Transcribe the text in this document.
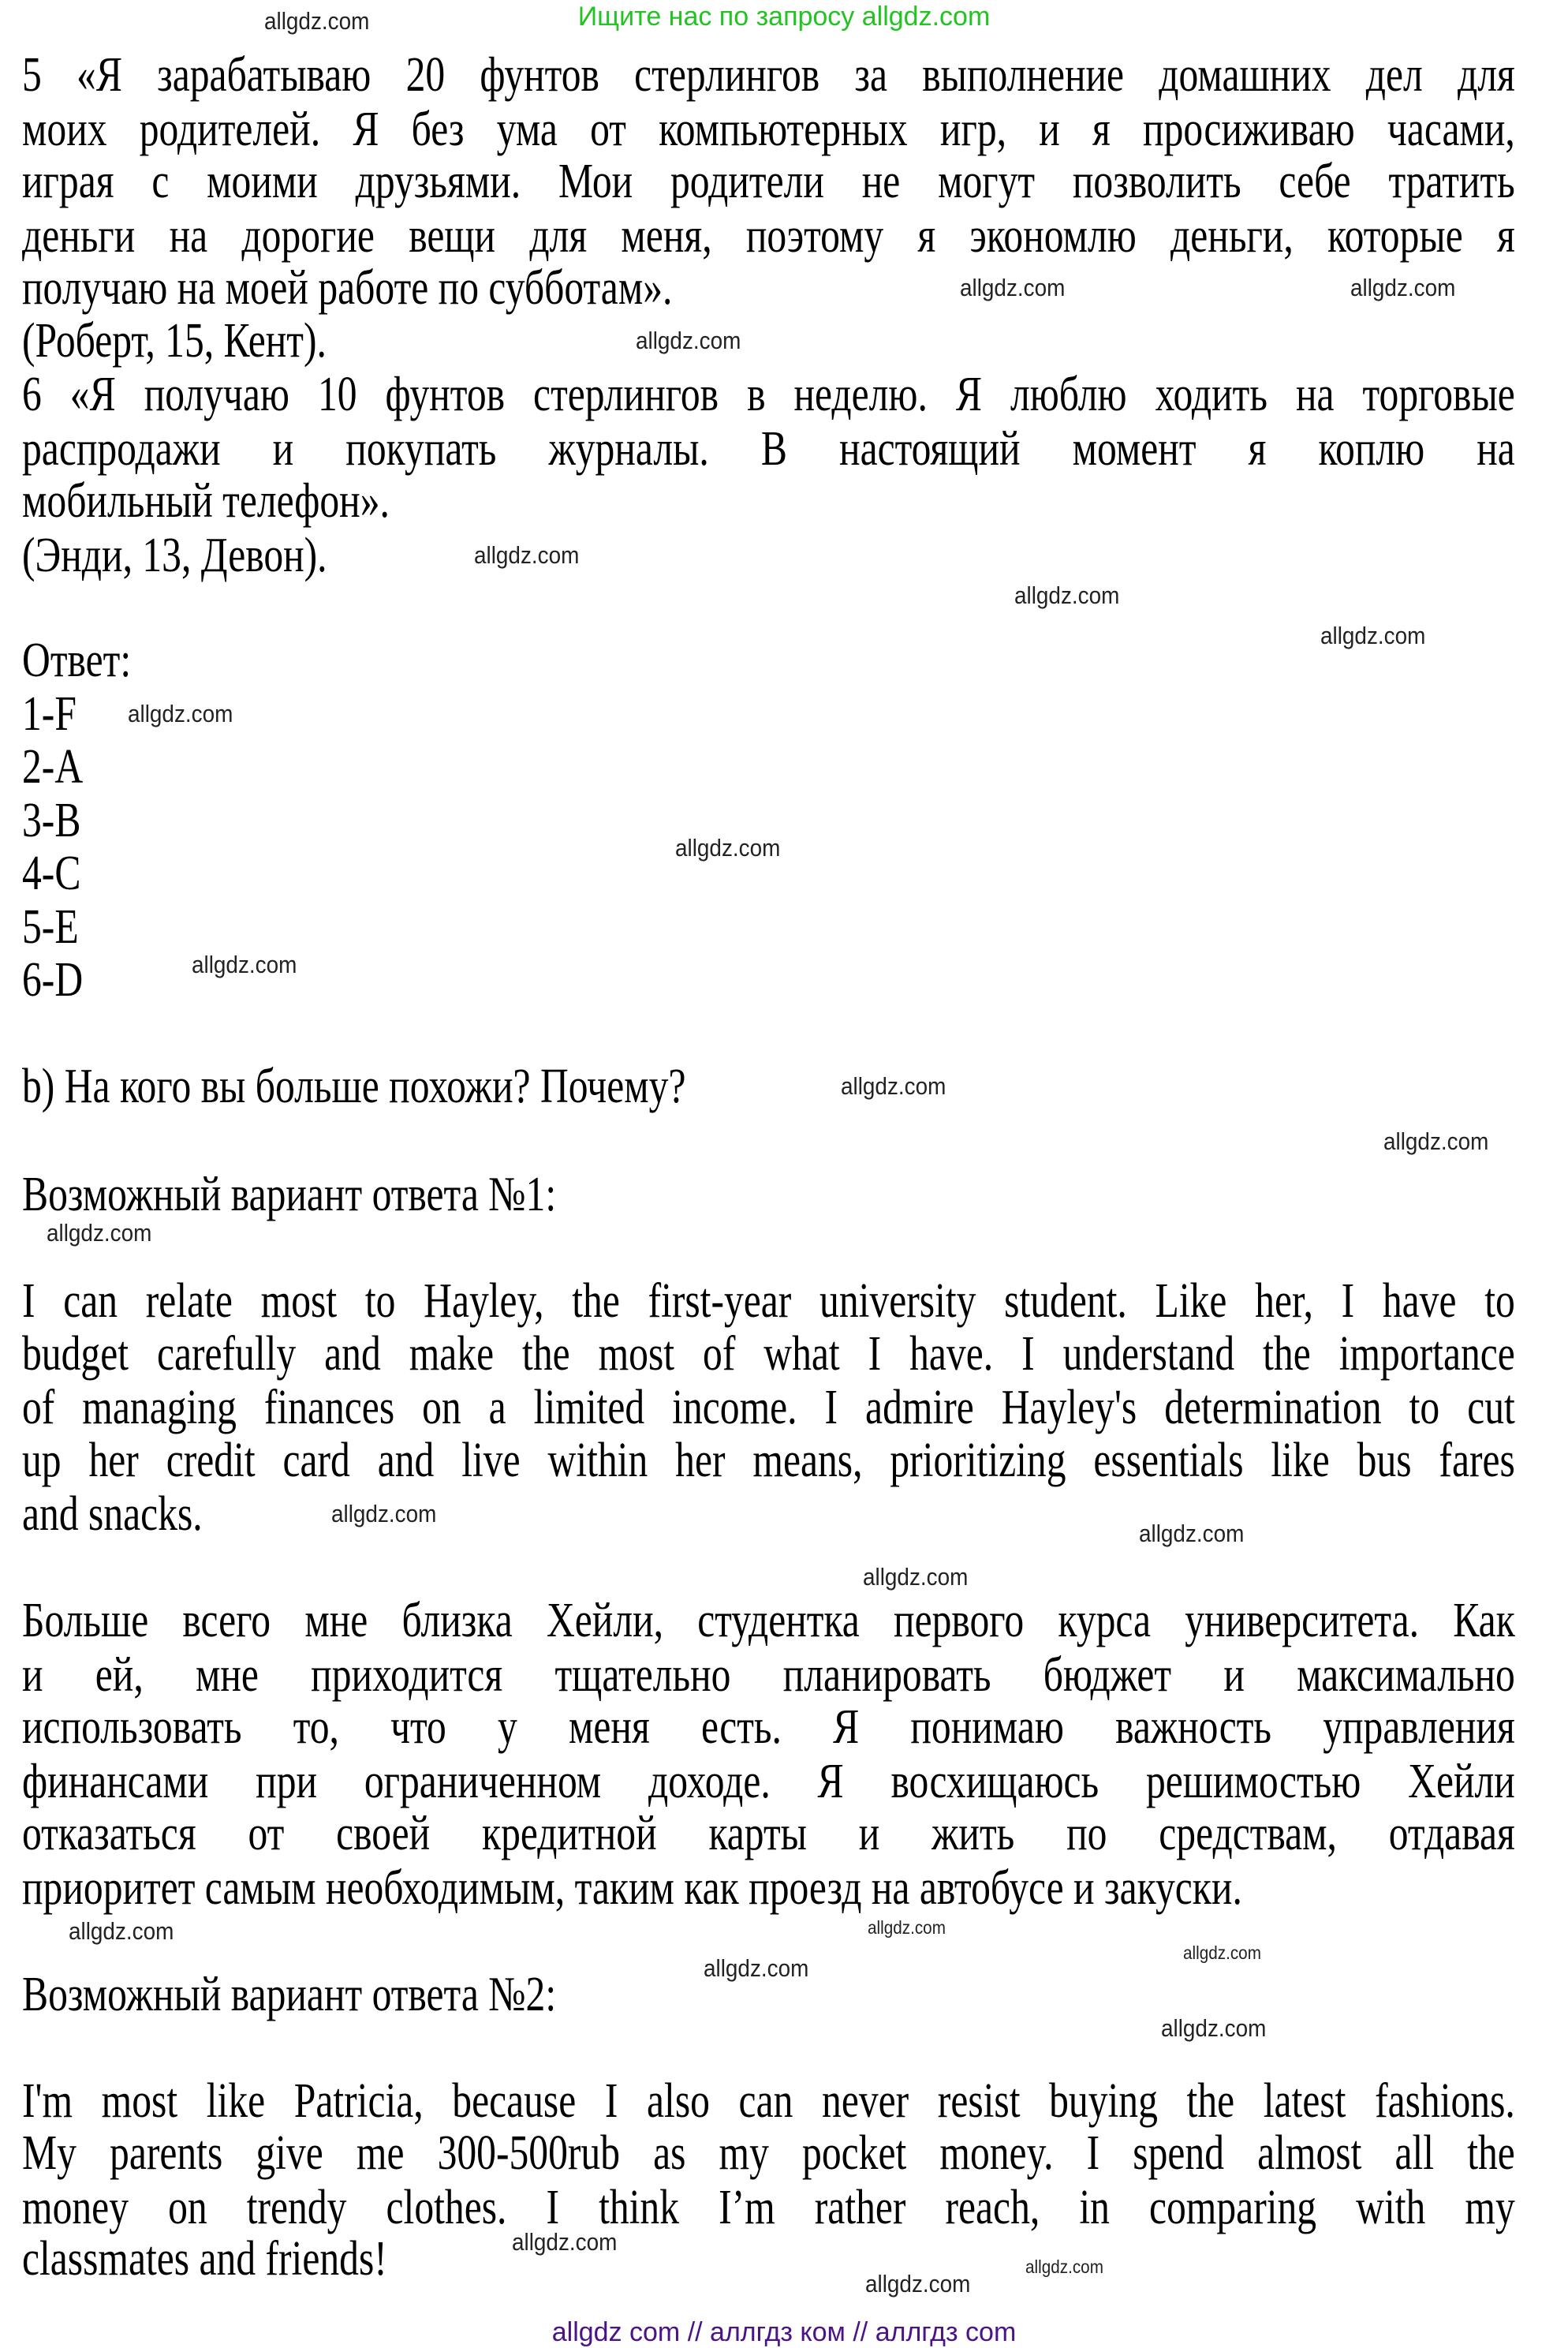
Ищите нас по запросу allgdz.com
5 «Я зарабатываю 20 фунтов стерлингов за выполнение домашних дел для
моих родителей. Я без ума от компьютерных игр, и я просиживаю часами,
играя с моими друзьями. Мои родители не могут позволить себе тратить
деньги на дорогие вещи для меня, поэтому я экономлю деньги, которые я
получаю на моей работе по субботам».
(Роберт, 15, Кент).
6 «Я получаю 10 фунтов стерлингов в неделю. Я люблю ходить на торговые
распродажи и покупать журналы. В настоящий момент я коплю на
мобильный телефон».
(Энди, 13, Девон).
Ответ:
1-F
2-A
3-B
4-C
5-E
6-D
b) На кого вы больше похожи? Почему?
Возможный вариант ответа №1:
I can relate most to Hayley, the first-year university student. Like her, I have to
budget carefully and make the most of what I have. I understand the importance
of managing finances on a limited income. I admire Hayley's determination to cut
up her credit card and live within her means, prioritizing essentials like bus fares
and snacks.
Больше всего мне близка Хейли, студентка первого курса университета. Как
и ей, мне приходится тщательно планировать бюджет и максимально
использовать то, что у меня есть. Я понимаю важность управления
финансами при ограниченном доходе. Я восхищаюсь решимостью Хейли
отказаться от своей кредитной карты и жить по средствам, отдавая
приоритет самым необходимым, таким как проезд на автобусе и закуски.
Возможный вариант ответа №2:
I'm most like Patricia, because I also can never resist buying the latest fashions.
My parents give me 300-500rub as my pocket money. I spend almost all the
money on trendy clothes. I think I’m rather reach, in comparing with my
classmates and friends!
allgdz.com
allgdz.com
allgdz.com
allgdz.com
allgdz.com
allgdz.com
allgdz.com
allgdz.com
allgdz.com
allgdz.com
allgdz.com
allgdz.com
allgdz.com
allgdz.com
allgdz.com
allgdz.com
allgdz.com
allgdz.com
allgdz.com
allgdz.com
allgdz.com
allgdz.com
allgdz.com
allgdz.com
allgdz com // аллгдз ком // аллгдз com
